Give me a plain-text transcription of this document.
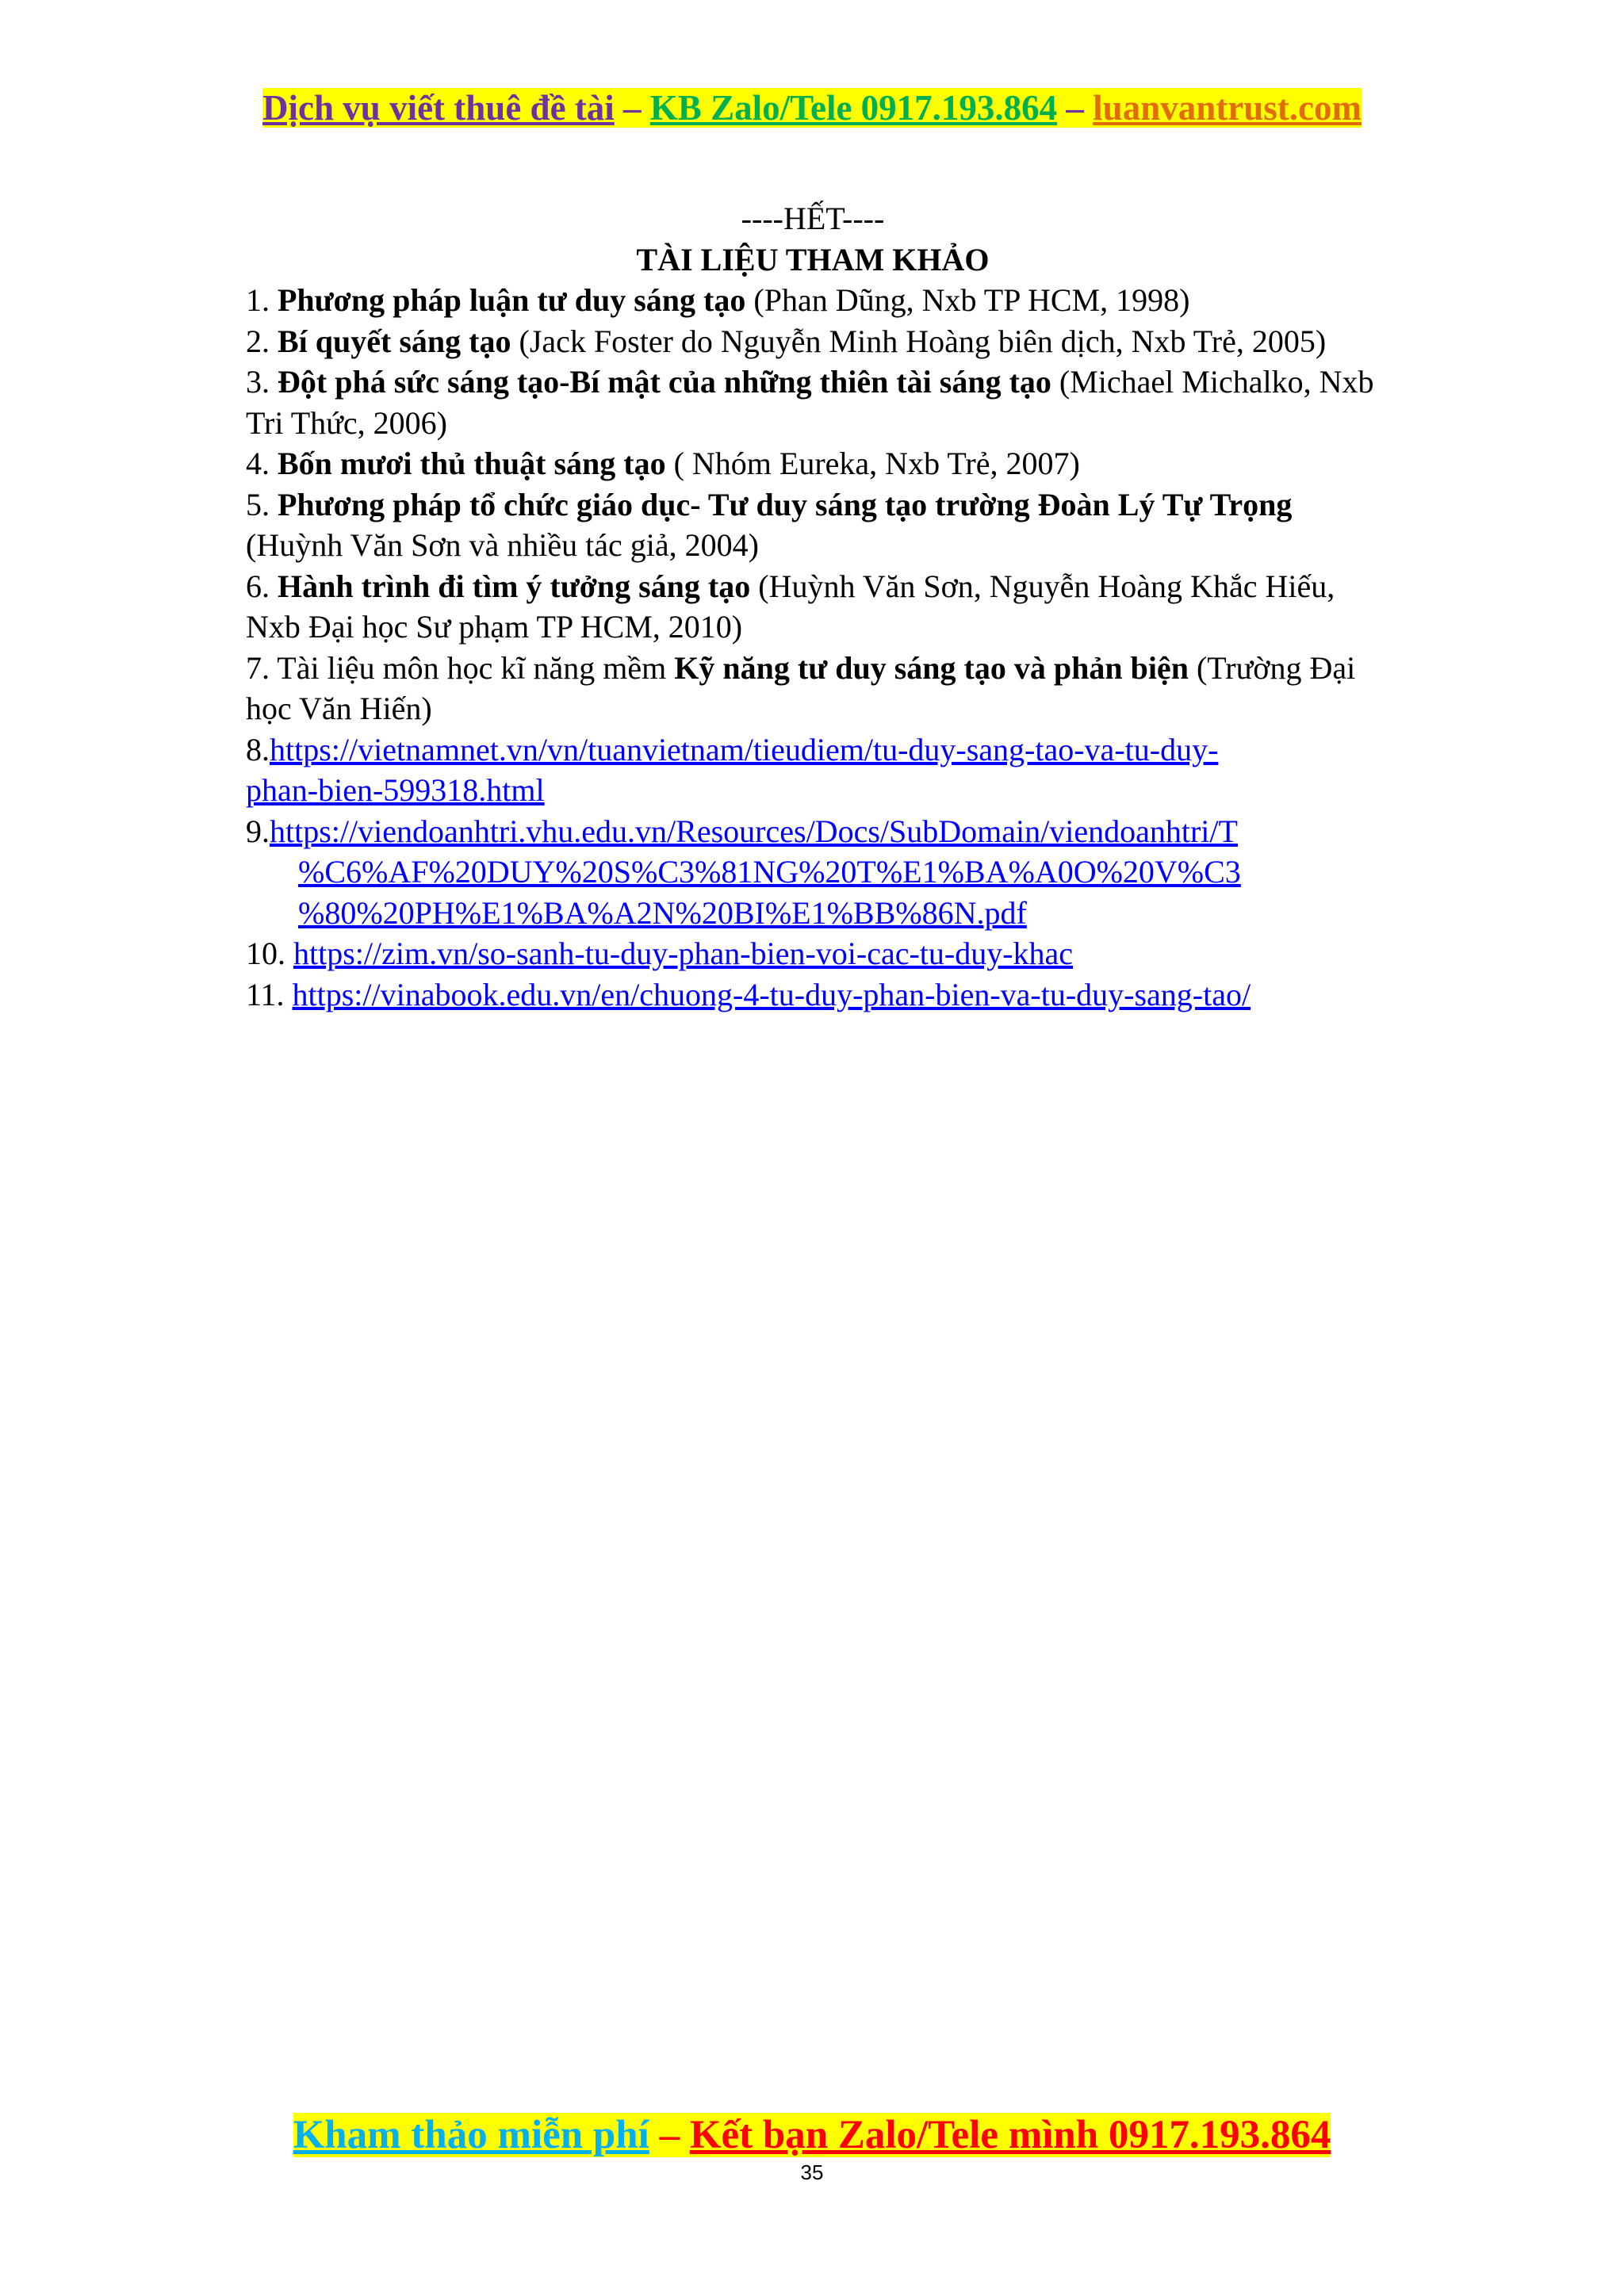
Dịch vụ viết thuê đề tài – KB Zalo/Tele 0917.193.864 – luanvantrust.com
----HẾT----
TÀI LIỆU THAM KHẢO

1. Phương pháp luận tư duy sáng tạo (Phan Dũng, Nxb TP HCM, 1998)

2. Bí quyết sáng tạo (Jack Foster do Nguyễn Minh Hoàng biên dịch, Nxb Trẻ, 2005)

3. Đột phá sức sáng tạo-Bí mật của những thiên tài sáng tạo (Michael Michalko, Nxb Tri Thức, 2006)

4. Bốn mươi thủ thuật sáng tạo ( Nhóm Eureka, Nxb Trẻ, 2007)

5. Phương pháp tổ chức giáo dục- Tư duy sáng tạo trường Đoàn Lý Tự Trọng (Huỳnh Văn Sơn và nhiều tác giả, 2004)

6. Hành trình đi tìm ý tưởng sáng tạo (Huỳnh Văn Sơn, Nguyễn Hoàng Khắc Hiếu, Nxb Đại học Sư phạm TP HCM, 2010)

7. Tài liệu môn học kĩ năng mềm Kỹ năng tư duy sáng tạo và phản biện (Trường Đại học Văn Hiến)

8.https://vietnamnet.vn/vn/tuanvietnam/tieudiem/tu-duy-sang-tao-va-tu-duy-
phan-bien-599318.html

9.https://viendoanhtri.vhu.edu.vn/Resources/Docs/SubDomain/viendoanhtri/T
%C6%AF%20DUY%20S%C3%81NG%20T%E1%BA%A0O%20V%C3
%80%20PH%E1%BA%A2N%20BI%E1%BB%86N.pdf

10. https://zim.vn/so-sanh-tu-duy-phan-bien-voi-cac-tu-duy-khac

11. https://vinabook.edu.vn/en/chuong-4-tu-duy-phan-bien-va-tu-duy-sang-tao/

Kham thảo miễn phí – Kết bạn Zalo/Tele mình 0917.193.864
35
